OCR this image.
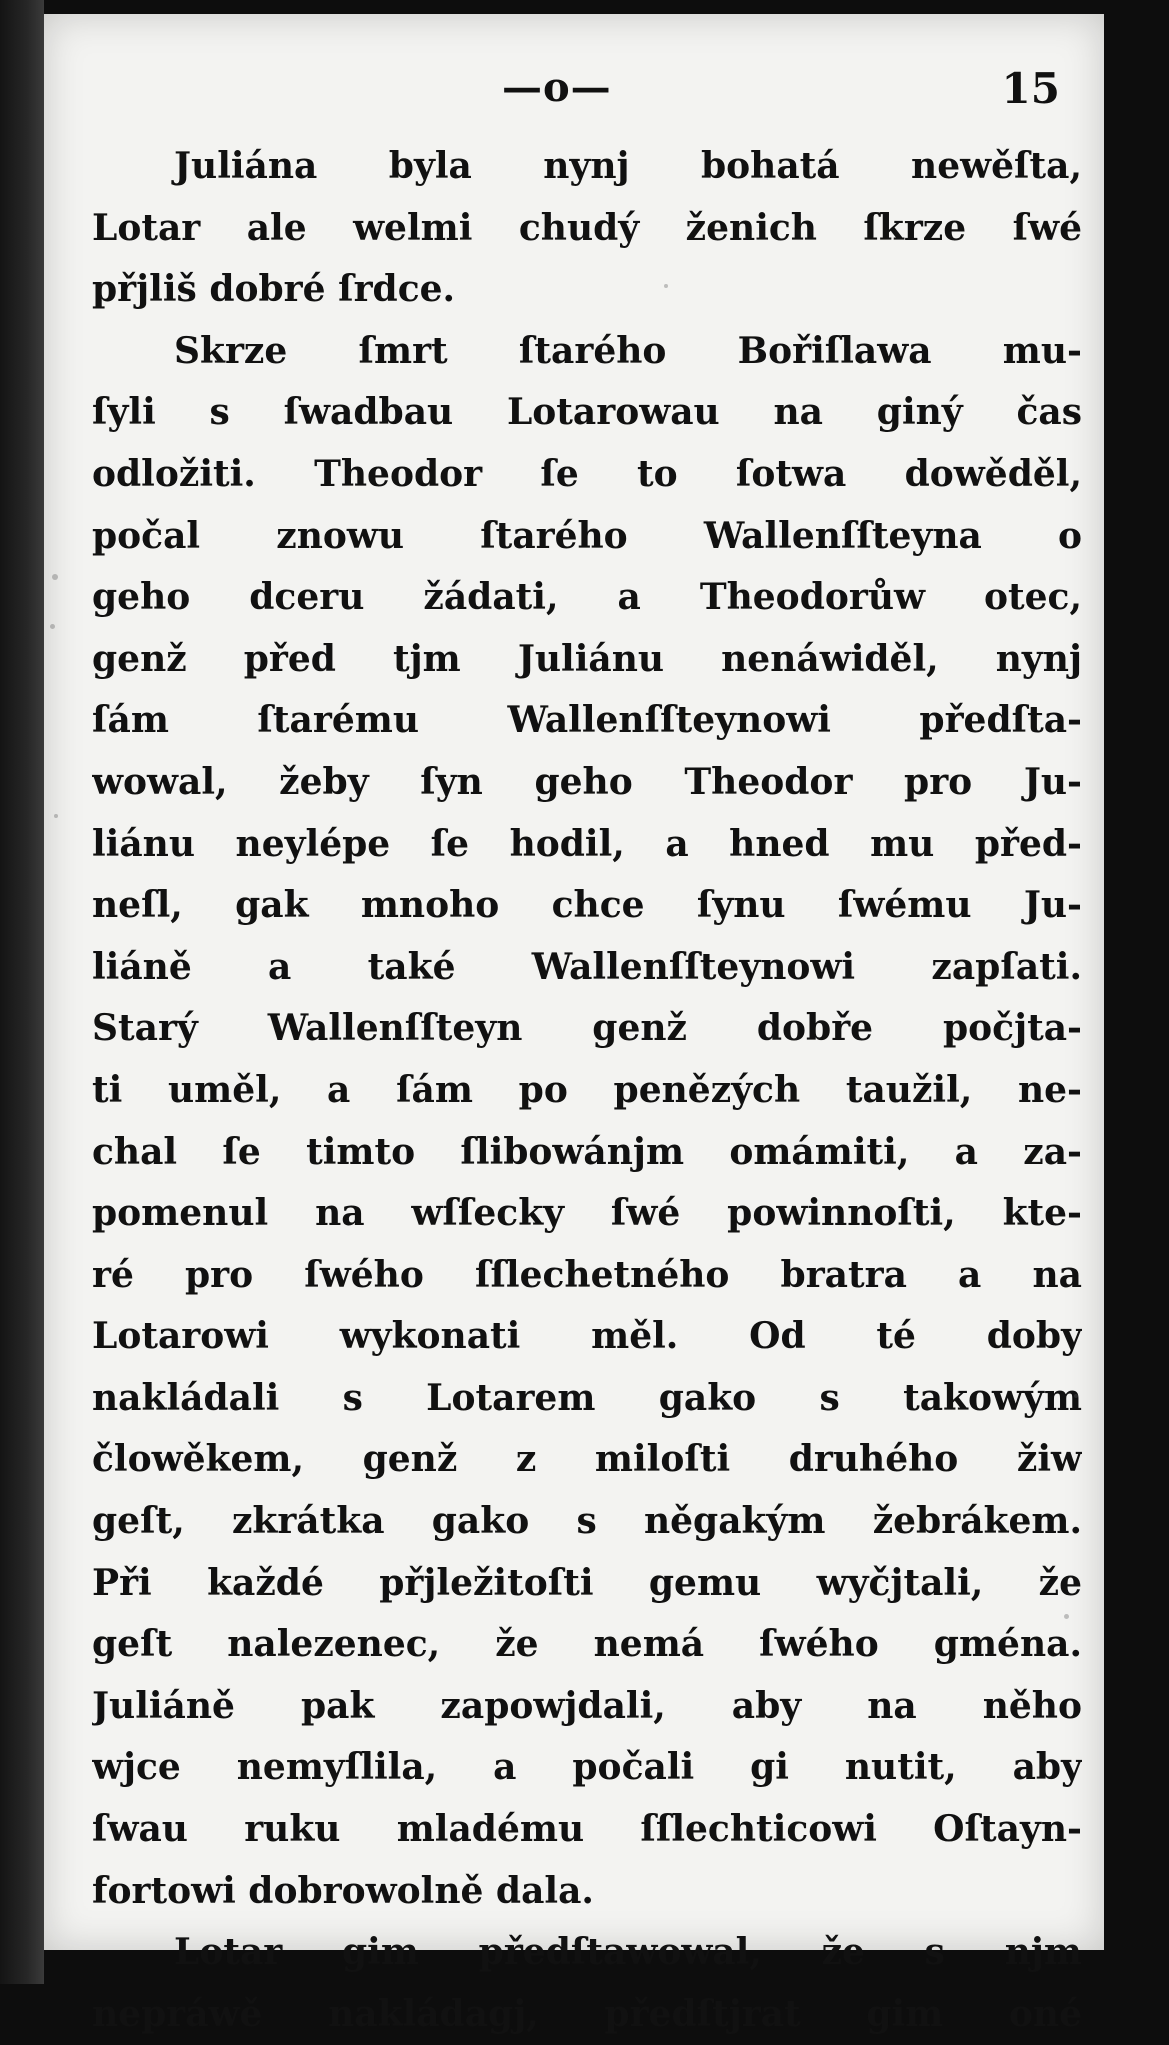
—o—	15
Juliána byla nynj bohatá newěſta,
Lotar ale welmi chudý ženich ſkrze ſwé
přjliš dobré ſrdce.
Skrze ſmrt ſtarého Bořiſlawa mu-
ſyli s ſwadbau Lotarowau na giný čas
odložiti. Theodor ſe to ſotwa dowěděl,
počal znowu ſtarého Wallenſſteyna o
geho dceru žádati, a Theodorůw otec,
genž před tjm Juliánu nenáwiděl, nynj
ſám ſtarému Wallenſſteynowi předſta-
wowal, žeby ſyn geho Theodor pro Ju-
liánu neylépe ſe hodil, a hned mu před-
neſl, gak mnoho chce ſynu ſwému Ju-
liáně a také Wallenſſteynowi zapſati.
Starý Wallenſſteyn genž dobře počjta-
ti uměl, a ſám po penězých taužil, ne-
chal ſe timto ſlibowánjm omámiti, a za-
pomenul na wſſecky ſwé powinnoſti, kte-
ré pro ſwého ſſlechetného bratra a na
Lotarowi wykonati měl. Od té doby
nakládali s Lotarem gako s takowým
člowěkem, genž z miloſti druhého žiw
geſt, zkrátka gako s něgakým žebrákem.
Při každé přjležitoſti gemu wyčjtali, že
geſt nalezenec, že nemá ſwého gména.
Juliáně pak zapowjdali, aby na něho
wjce nemyſlila, a počali gi nutit, aby
ſwau ruku mladému ſſlechticowi Oſtayn-
fortowi dobrowolně dala.
Lotar gim předſtawowal, že s njm
nepráwě nakládagj, předſtjrat gim oné
